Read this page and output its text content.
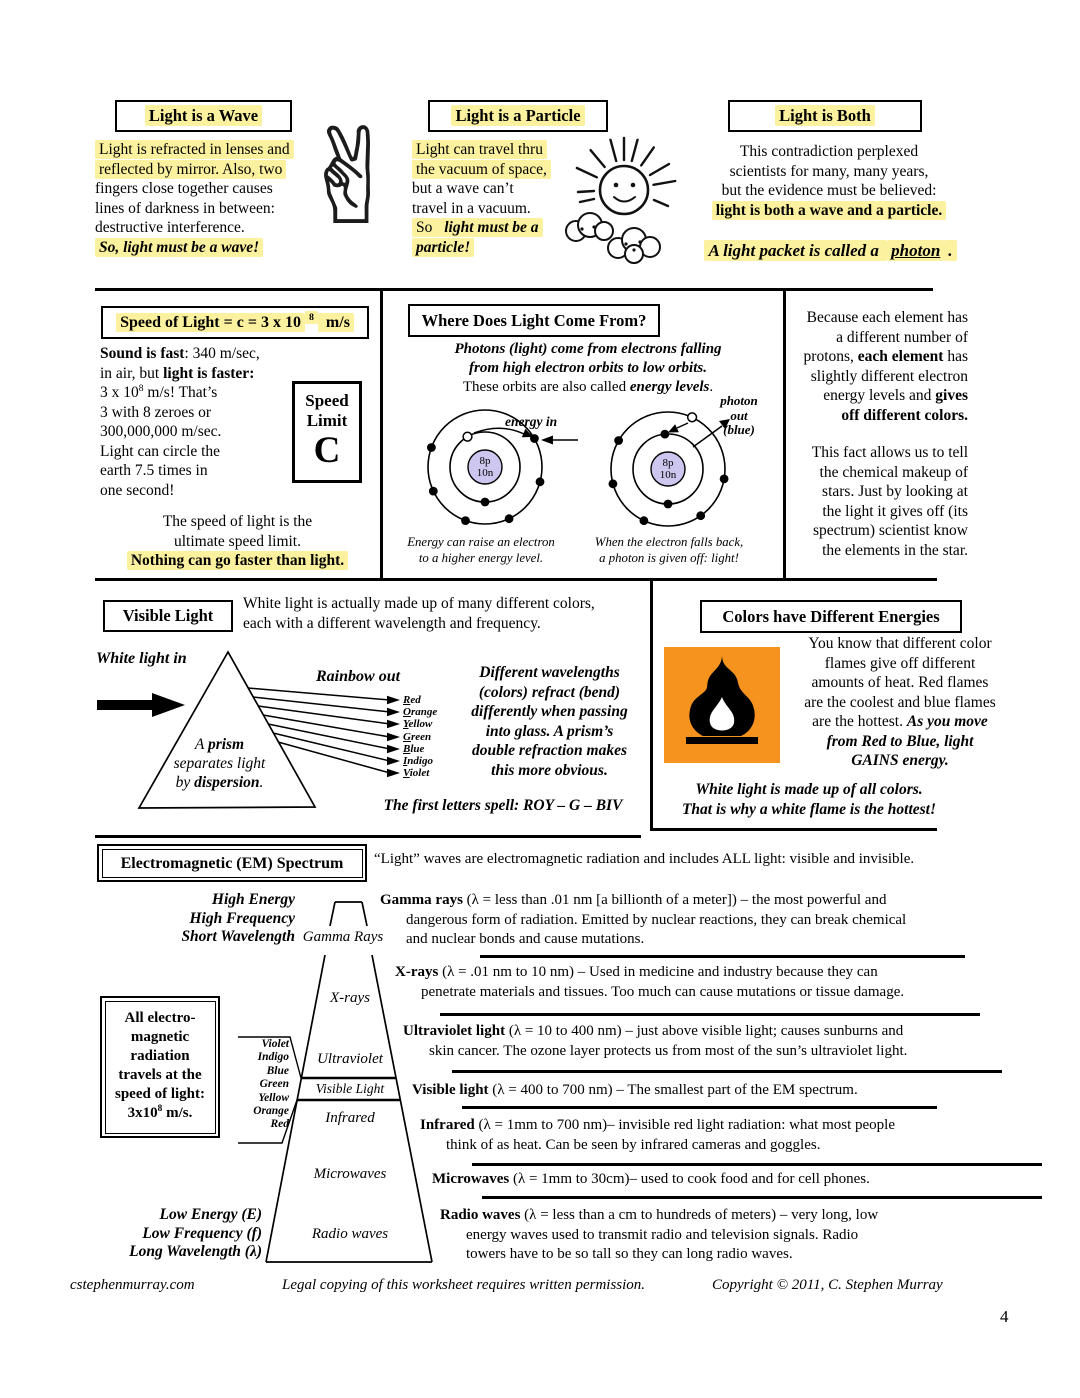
Light is a Wave
Light is refracted in lenses and
reflected by mirror. Also, two
fingers close together causes
lines of darkness in between:
destructive interference.
So, light must be a wave! ✌	Light is a Particle
Light can travel thru
the vacuum of space,
but a wave can’t
travel in a vacuum.
So light must be a
particle!
Light is Both
This contradiction perplexed
scientists for many, many years,
but the evidence must be believed:
light is both a wave and a particle.
A light packet is called a photon .
Speed of Light = c = 3 x 10 $^8$ m/s
Sound is fast: 340 m/sec,
in air, but light is faster:
3 x $10^8$ m/s! That’s
3 with 8 zeroes or
300,000,000 m/sec.
Light can circle the
earth 7.5 times in
one second!
Speed
Limit
C
The speed of light is the
ultimate speed limit.
Nothing can go faster than light.
Where Does Light Come From?
Photons (light) come from electrons falling
from high electron orbits to low orbits.
These orbits are also called energy levels.
8p
10n
8p
10n
energy in
photon
out
(blue)
Energy can raise an electron
to a higher energy level.
When the electron falls back,
a photon is given off: light!
Because each element has
a different number of
protons, each element has
slightly different electron
energy levels and gives
off different colors.
This fact allows us to tell
the chemical makeup of
stars. Just by looking at
the light it gives off (its
spectrum) scientist know
the elements in the star.
Visible Light
White light is actually made up of many different colors,
each with a different wavelength and frequency.
White light in
Rainbow out
A prism
separates light
by dispersion.
Red
Orange
Yellow
Green
Blue
Indigo
Violet
Different wavelengths
(colors) refract (bend)
differently when passing
into glass. A prism’s
double refraction makes
this more obvious.
The first letters spell: ROY – G – BIV
Colors have Different Energies
You know that different color
flames give off different
amounts of heat. Red flames
are the coolest and blue flames
are the hottest. As you move
from Red to Blue, light
GAINS energy.
White light is made up of all colors.
That is why a white flame is the hottest!
Electromagnetic (EM) Spectrum	“Light” waves are electromagnetic radiation and includes ALL light: visible and invisible.
High Energy
High Frequency
Short Wavelength
Low Energy (E)
Low Frequency (f)
Long Wavelength (λ)
All electro-
magnetic
radiation
travels at the
speed of light:
$3x10^8$ m/s.
Gamma Rays
X-rays
Ultraviolet
Visible Light
Infrared
Microwaves
Radio waves
Violet
Indigo
Blue
Green
Yellow
Orange
Red
Gamma rays (λ = less than .01 nm [a billionth of a meter]) – the most powerful and
dangerous form of radiation. Emitted by nuclear reactions, they can break chemical
and nuclear bonds and cause mutations.
X-rays (λ = .01 nm to 10 nm) – Used in medicine and industry because they can
penetrate materials and tissues. Too much can cause mutations or tissue damage.
Ultraviolet light (λ = 10 to 400 nm) – just above visible light; causes sunburns and
skin cancer. The ozone layer protects us from most of the sun’s ultraviolet light.
Visible light (λ = 400 to 700 nm) – The smallest part of the EM spectrum.
Infrared (λ = 1mm to 700 nm)– invisible red light radiation: what most people
think of as heat. Can be seen by infrared cameras and goggles.
Microwaves (λ = 1mm to 30cm)– used to cook food and for cell phones.
Radio waves (λ = less than a cm to hundreds of meters) – very long, low
energy waves used to transmit radio and television signals. Radio
towers have to be so tall so they can long radio waves.
cstephenmurray.com	Legal copying of this worksheet requires written permission.	Copyright © 2011, C. Stephen Murray
4
